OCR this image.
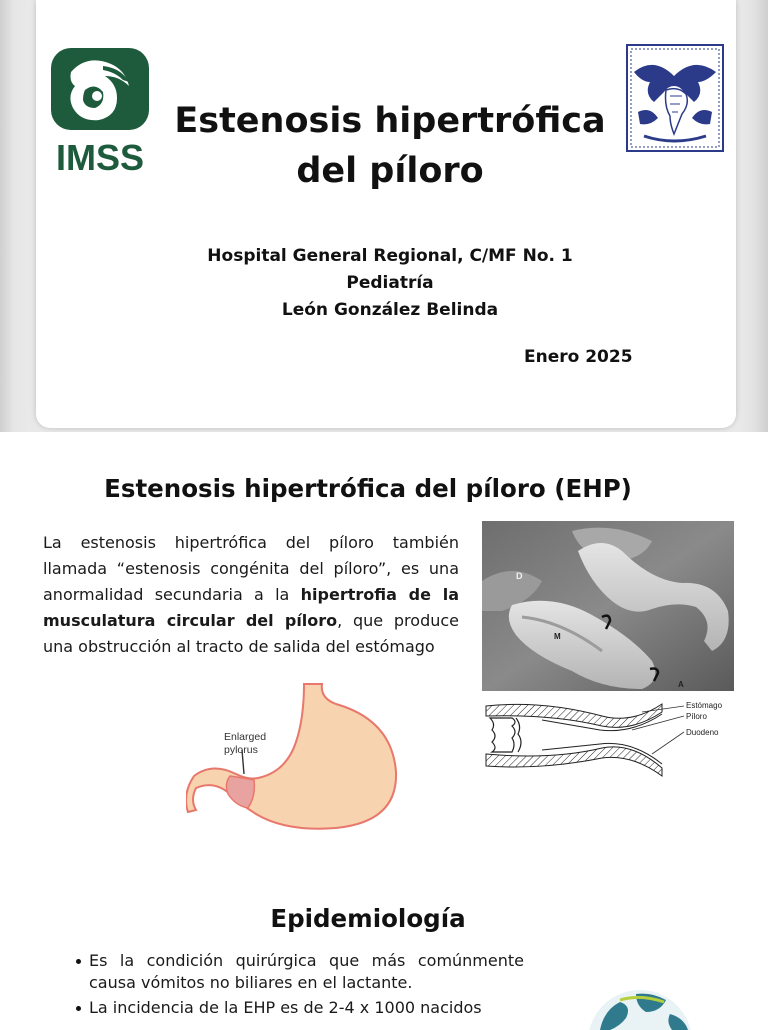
IMSS
Estenosis hipertrófica
del píloro
Hospital General Regional, C/MF No. 1
Pediatría
León González Belinda
Enero 2025
Estenosis hipertrófica del píloro (EHP)
La estenosis hipertrófica del píloro también llamada “estenosis congénita del píloro”, es una anormalidad secundaria a la hipertrofia de la musculatura circular del píloro, que produce una obstrucción al tracto de salida del estómago
D
M
A
Estómago
Píloro
Duodeno
Enlarged
pylorus
Epidemiología
Es la condición quirúrgica que más comúnmente causa vómitos no biliares en el lactante.
La incidencia de la EHP es de 2-4 x 1000 nacidos
